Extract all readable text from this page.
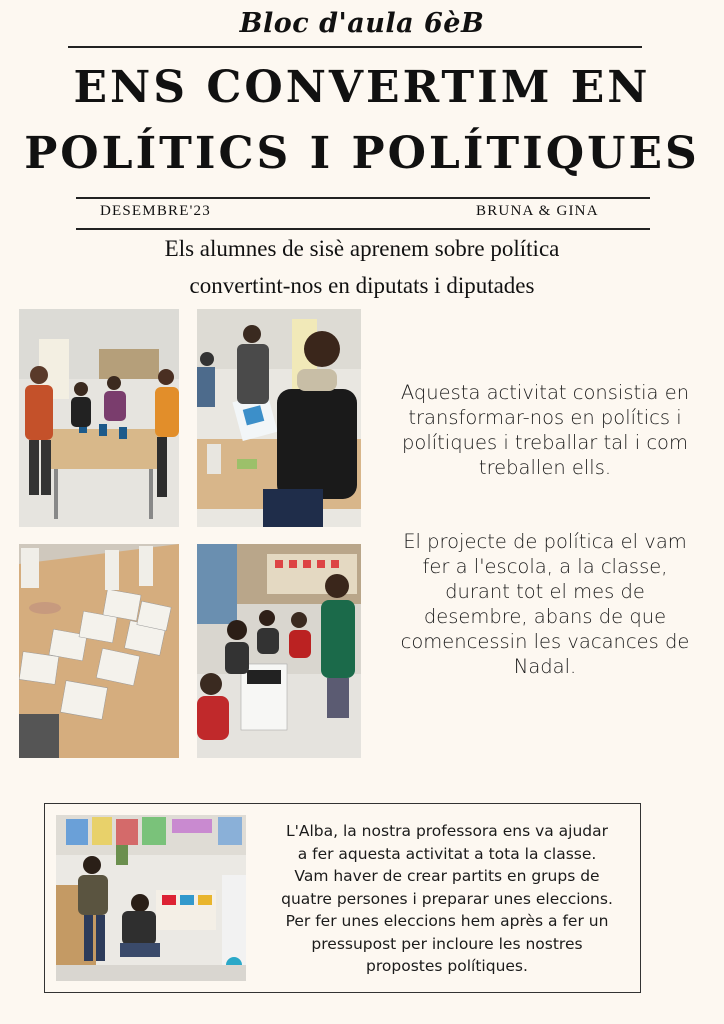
Bloc d'aula 6èB
ENS CONVERTIM EN
POLÍTICS I POLÍTIQUES
DESEMBRE'23	BRUNA & GINA
Els alumnes de sisè aprenem sobre política
convertint-nos en diputats i diputades
Aquesta activitat consistia en
transformar-nos en polítics i
polítiques i treballar tal i com
treballen ells.
El projecte de política el vam
fer a l'escola, a la classe,
durant tot el mes de
desembre, abans de que
comencessin les vacances de
Nadal.
L'Alba, la nostra professora ens va ajudar
a fer aquesta activitat a tota la classe.
Vam haver de crear partits en grups de
quatre persones i preparar unes eleccions.
Per fer unes eleccions hem après a fer un
pressupost per incloure les nostres
propostes polítiques.
